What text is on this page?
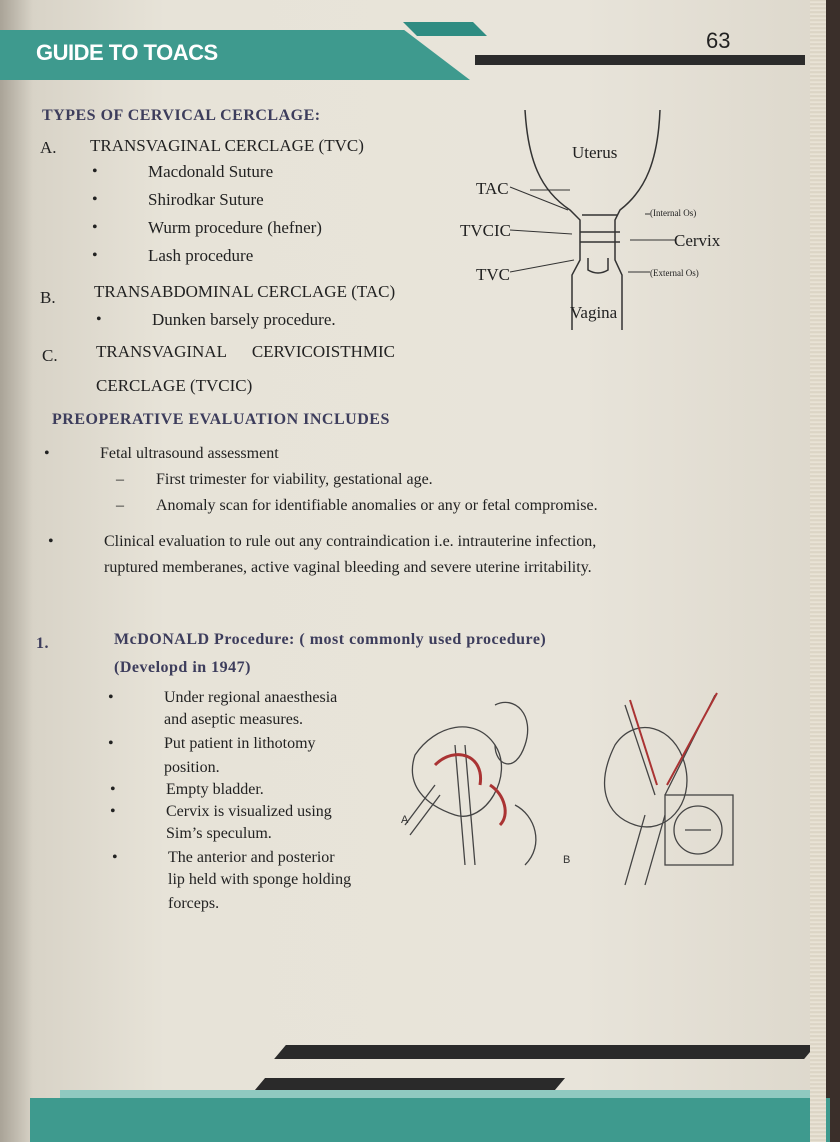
GUIDE TO TOACS	63
TYPES OF CERVICAL CERCLAGE:
A. TRANSVAGINAL CERCLAGE (TVC)
• Macdonald Suture
• Shirodkar Suture
• Wurm procedure (hefner)
• Lash procedure
B. TRANSABDOMINAL CERCLAGE (TAC)
• Dunken barsely procedure.
C. TRANSVAGINAL      CERVICOISTHMIC
CERCLAGE (TVCIC)
Uterus
TAC
TVCIC
TVC
(Internal Os)
Cervix
(External Os)
Vagina
PREOPERATIVE EVALUATION INCLUDES
• Fetal ultrasound assessment
– First trimester for viability, gestational age.
– Anomaly scan for identifiable anomalies or any or fetal compromise.
• Clinical evaluation to rule out any contraindication i.e. intrauterine infection,
ruptured memberanes, active vaginal bleeding and severe uterine irritability.
1.	McDONALD Procedure: ( most commonly used procedure)
(Developd in 1947)
• Under regional anaesthesia
and aseptic measures.
• Put patient in lithotomy
position.
• Empty bladder.
• Cervix is visualized using
Sim’s speculum.
• The anterior and posterior
lip held with sponge holding
forceps.
A
B
